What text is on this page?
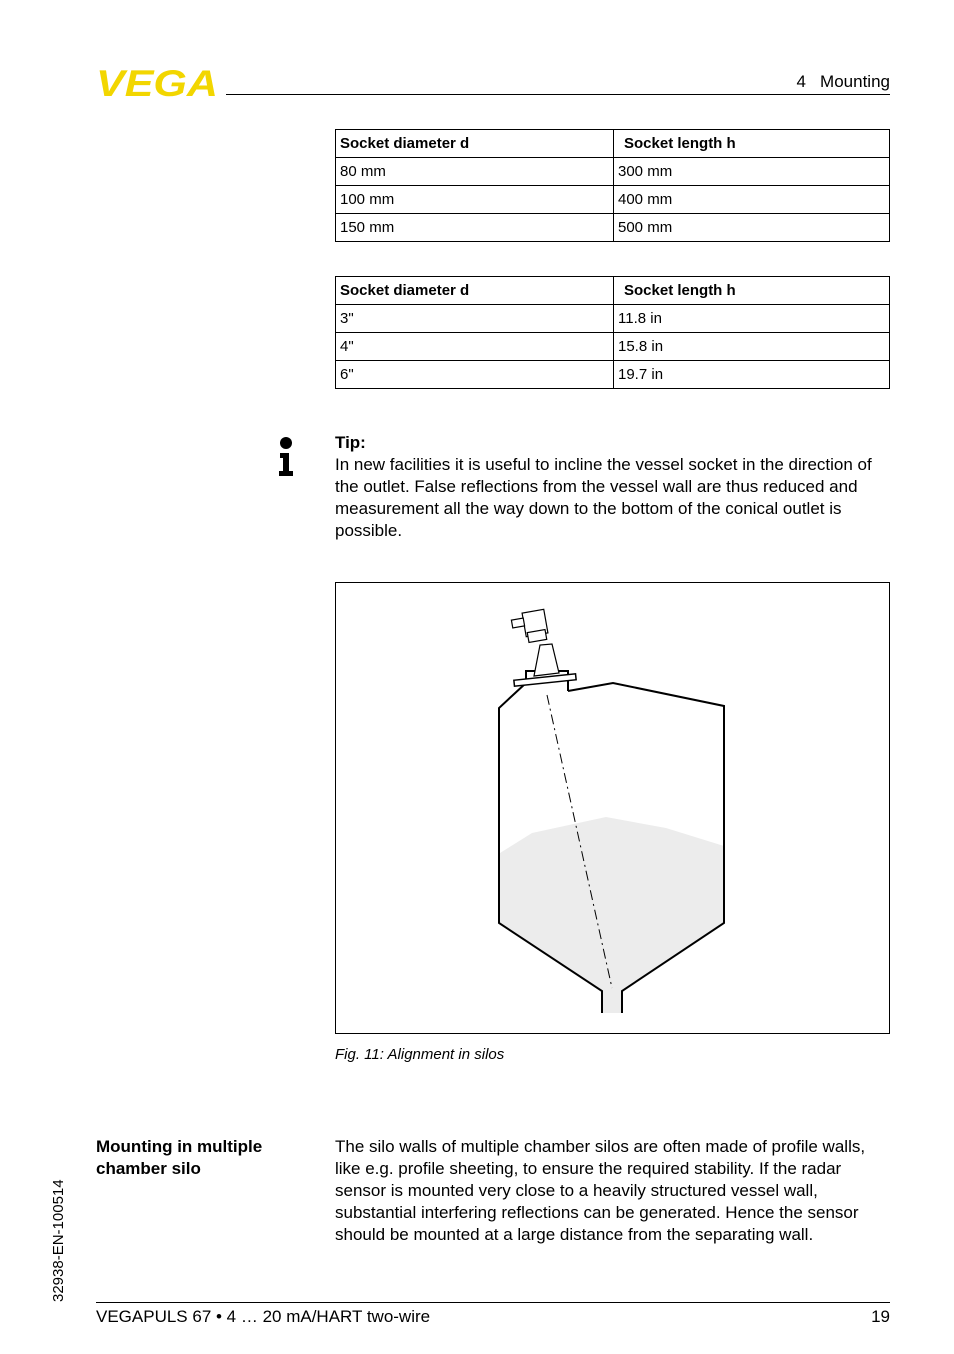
VEGA	4   Mounting
Socket diameter d	Socket length h
80 mm	300 mm
100 mm	400 mm
150 mm	500 mm
Socket diameter d	Socket length h
3"	11.8 in
4"	15.8 in
6"	19.7 in
Tip:
In new facilities it is useful to incline the vessel socket in the direction of the outlet. False reflections from the vessel wall are thus reduced and measurement all the way down to the bottom of the conical outlet is possible.
Fig. 11: Alignment in silos
Mounting in multiple chamber silo
The silo walls of multiple chamber silos are often made of profile walls, like e.g. profile sheeting, to ensure the required stability. If the radar sensor is mounted very close to a heavily structured vessel wall, substantial interfering reflections can be generated. Hence the sensor should be mounted at a large distance from the separating wall.
32938-EN-100514
VEGAPULS 67 • 4 … 20 mA/HART two-wire	19
